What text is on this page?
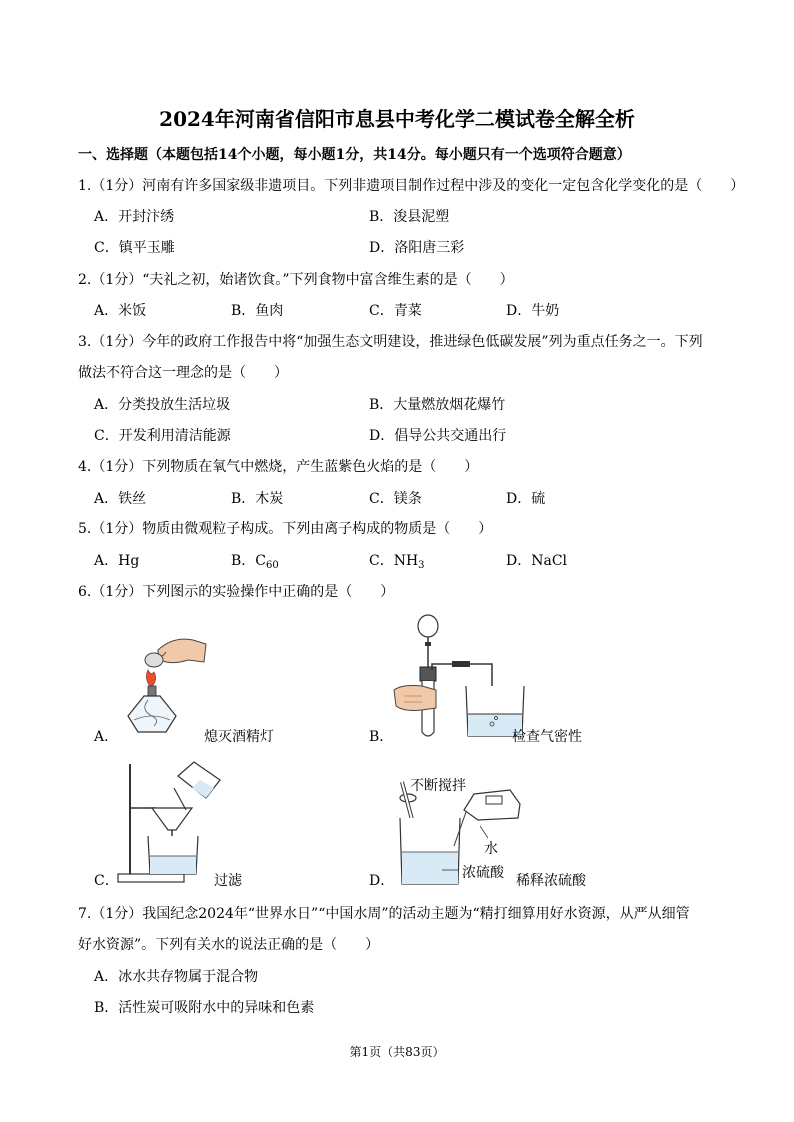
2024年河南省信阳市息县中考化学二模试卷全解全析
一、选择题（本题包括14个小题，每小题1分，共14分。每小题只有一个选项符合题意）
1.（1分）河南有许多国家级非遗项目。下列非遗项目制作过程中涉及的变化一定包含化学变化的是（　　）
A．开封汴绣	B．浚县泥塑
C．镇平玉雕	D．洛阳唐三彩
2.（1分）“夫礼之初，始诸饮食。”下列食物中富含维生素的是（　　）
A．米饭	B．鱼肉	C．青菜	D．牛奶
3.（1分）今年的政府工作报告中将“加强生态文明建设，推进绿色低碳发展”列为重点任务之一。下列
做法不符合这一理念的是（　　）
A．分类投放生活垃圾	B．大量燃放烟花爆竹
C．开发利用清洁能源	D．倡导公共交通出行
4.（1分）下列物质在氧气中燃烧，产生蓝紫色火焰的是（　　）
A．铁丝	B．木炭	C．镁条	D．硫
5.（1分）物质由微观粒子构成。下列由离子构成的物质是（　　）
A．Hg	B．$C_{60}$	C．$NH_3$	D．NaCl
6.（1分）下列图示的实验操作中正确的是（　　）
A．	熄灭酒精灯	B．	检查气密性
C．	过滤
不断搅拌
水
浓硫酸
D．	稀释浓硫酸
7.（1分）我国纪念2024年“世界水日”“中国水周”的活动主题为“精打细算用好水资源，从严从细管
好水资源”。下列有关水的说法正确的是（　　）
A．冰水共存物属于混合物
B．活性炭可吸附水中的异味和色素
第1页（共83页）
